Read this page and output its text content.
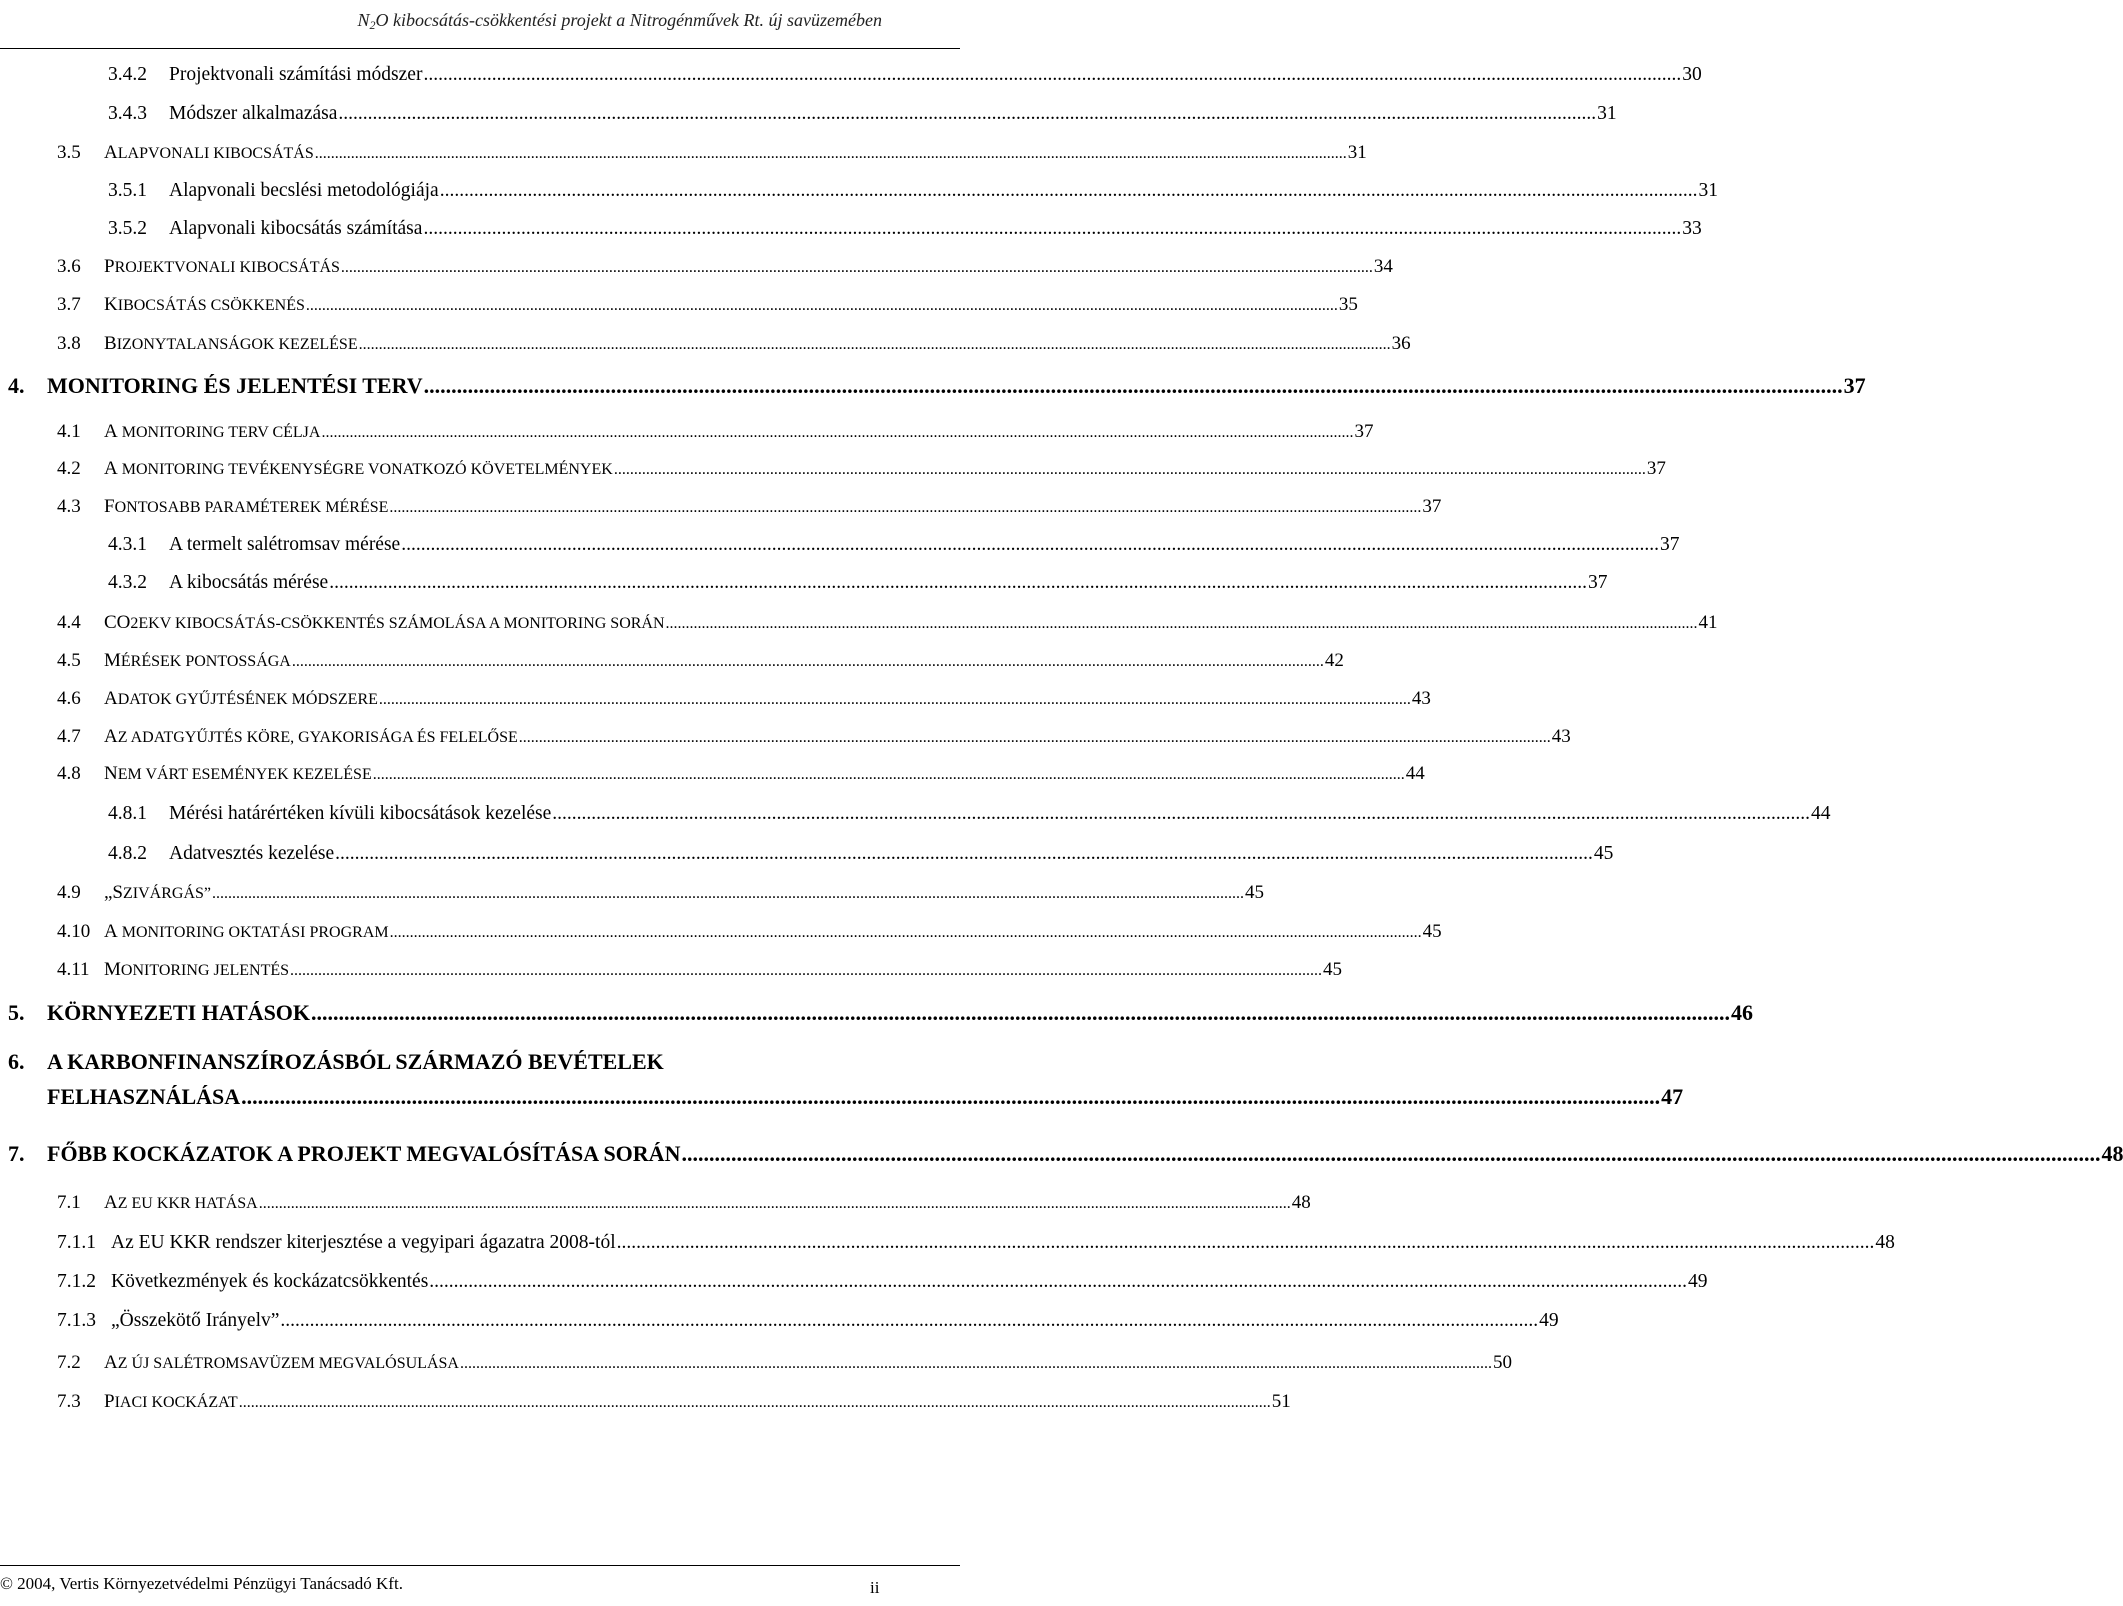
$N_2O$ kibocsátás-csökkentési projekt a Nitrogénművek Rt. új savüzemében
3.4.2	Projektvonali számítási módszer .....	30
3.4.3	Módszer alkalmazása .....	31
3.5	ALAPVONALI KIBOCSÁTÁS .....	31
3.5.1	Alapvonali becslési metodológiája .....	31
3.5.2	Alapvonali kibocsátás számítása .....	33
3.6	PROJEKTVONALI KIBOCSÁTÁS .....	34
3.7	KIBOCSÁTÁS CSÖKKENÉS .....	35
3.8	BIZONYTALANSÁGOK KEZELÉSE .....	36
4.	MONITORING ÉS JELENTÉSI TERV .....	37
4.1	A MONITORING TERV CÉLJA .....	37
4.2	A MONITORING TEVÉKENYSÉGRE VONATKOZÓ KÖVETELMÉNYEK .....	37
4.3	FONTOSABB PARAMÉTEREK MÉRÉSE .....	37
4.3.1	A termelt salétromsav mérése .....	37
4.3.2	A kibocsátás mérése .....	37
4.4	CO2EKV KIBOCSÁTÁS-CSÖKKENTÉS SZÁMOLÁSA A MONITORING SORÁN .....	41
4.5	MÉRÉSEK PONTOSSÁGA .....	42
4.6	ADATOK GYŰJTÉSÉNEK MÓDSZERE .....	43
4.7	AZ ADATGYŰJTÉS KÖRE, GYAKORISÁGA ÉS FELELŐSE .....	43
4.8	NEM VÁRT ESEMÉNYEK KEZELÉSE .....	44
4.8.1	Mérési határértéken kívüli kibocsátások kezelése .....	44
4.8.2	Adatvesztés kezelése .....	45
4.9	„SZIVÁRGÁS” .....	45
4.10 A MONITORING OKTATÁSI PROGRAM .....	45
4.11 MONITORING JELENTÉS .....	45
5.	KÖRNYEZETI HATÁSOK .....	46
6.	A KARBONFINANSZÍROZÁSBÓL SZÁRMAZÓ BEVÉTELEK
FELHASZNÁLÁSA .....	47
7.	FŐBB KOCKÁZATOK A PROJEKT MEGVALÓSÍTÁSA SORÁN .....	48
7.1	AZ EU KKR HATÁSA .....	48
7.1.1 Az EU KKR rendszer kiterjesztése a vegyipari ágazatra 2008-tól .....	48
7.1.2 Következmények és kockázatcsökkentés .....	49
7.1.3 „Összekötő Irányelv” .....	49
7.2	AZ ÚJ SALÉTROMSAVÜZEM MEGVALÓSULÁSA .....	50
7.3	PIACI KOCKÁZAT .....	51
© 2004, Vertis Környezetvédelmi Pénzügyi Tanácsadó Kft.	ii
